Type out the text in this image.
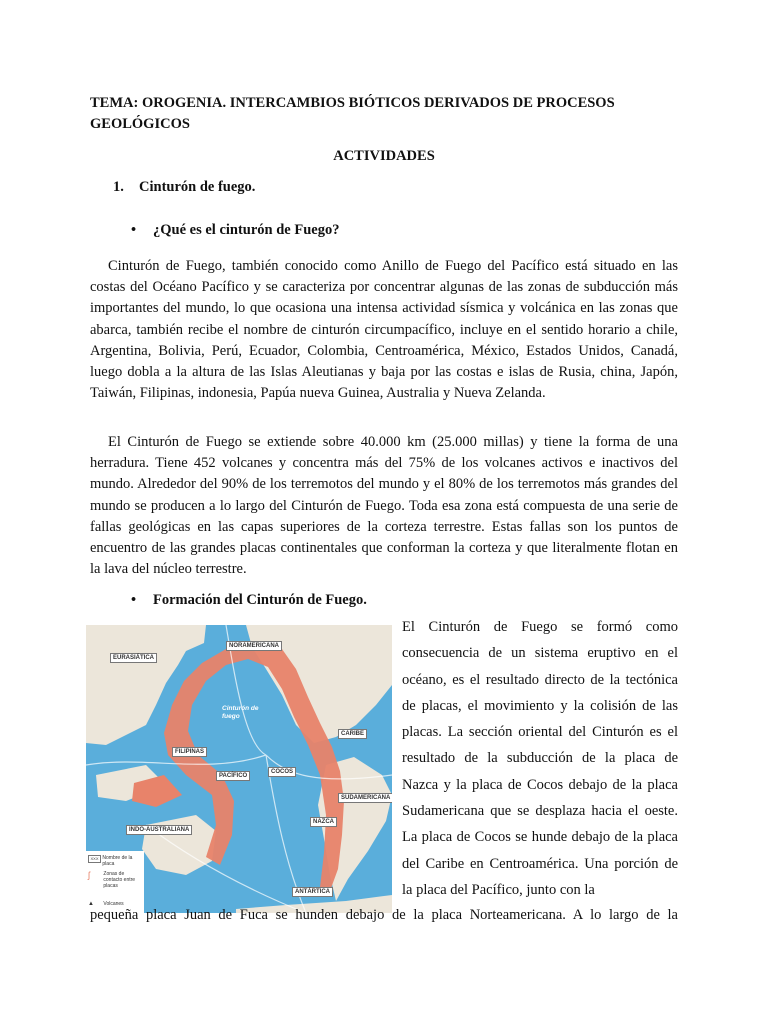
TEMA: OROGENIA. INTERCAMBIOS BIÓTICOS DERIVADOS DE PROCESOS GEOLÓGICOS
ACTIVIDADES
1. Cinturón de fuego.
• ¿Qué es el cinturón de Fuego?
Cinturón de Fuego, también conocido como Anillo de Fuego del Pacífico está situado en las costas del Océano Pacífico y se caracteriza por concentrar algunas de las zonas de subducción más importantes del mundo, lo que ocasiona una intensa actividad sísmica y volcánica en las zonas que abarca, también recibe el nombre de cinturón circumpacífico, incluye en el sentido horario a chile, Argentina, Bolivia, Perú, Ecuador, Colombia, Centroamérica, México, Estados Unidos, Canadá, luego dobla a la altura de las Islas Aleutianas y baja por las costas e islas de Rusia, china, Japón, Taiwán, Filipinas, indonesia, Papúa nueva Guinea, Australia y Nueva Zelanda.
El Cinturón de Fuego se extiende sobre 40.000 km (25.000 millas) y tiene la forma de una herradura. Tiene 452 volcanes y concentra más del 75% de los volcanes activos e inactivos del mundo. Alrededor del 90% de los terremotos del mundo y el 80% de los terremotos más grandes del mundo se producen a lo largo del Cinturón de Fuego. Toda esa zona está compuesta de una serie de fallas geológicas en las capas superiores de la corteza terrestre. Estas fallas son los puntos de encuentro de las grandes placas continentales que conforman la corteza y que literalmente flotan en la lava del núcleo terrestre.
• Formación del Cinturón de Fuego.
EURASIÁTICA
NORAMERICANA
Cinturón de fuego
FILIPINAS
PACÍFICO
COCOS
CARIBE
SUDAMERICANA
NAZCA
INDO-AUSTRALIANA
ANTÁRTICA
XXX Nombre de la placa
ʃ	Zonas de contacto entre placas
▲ Volcanes
El Cinturón de Fuego se formó como consecuencia de un sistema eruptivo en el océano, es el resultado directo de la tectónica de placas, el movimiento y la colisión de las placas. La sección oriental del Cinturón es el resultado de la subducción de la placa de Nazca y la placa de Cocos debajo de la placa Sudamericana que se desplaza hacia el oeste. La placa de Cocos se hunde debajo de la placa del Caribe en Centroamérica. Una porción de la placa del Pacífico, junto con la
pequeña placa Juan de Fuca se hunden debajo de la placa Norteamericana. A lo largo de la
